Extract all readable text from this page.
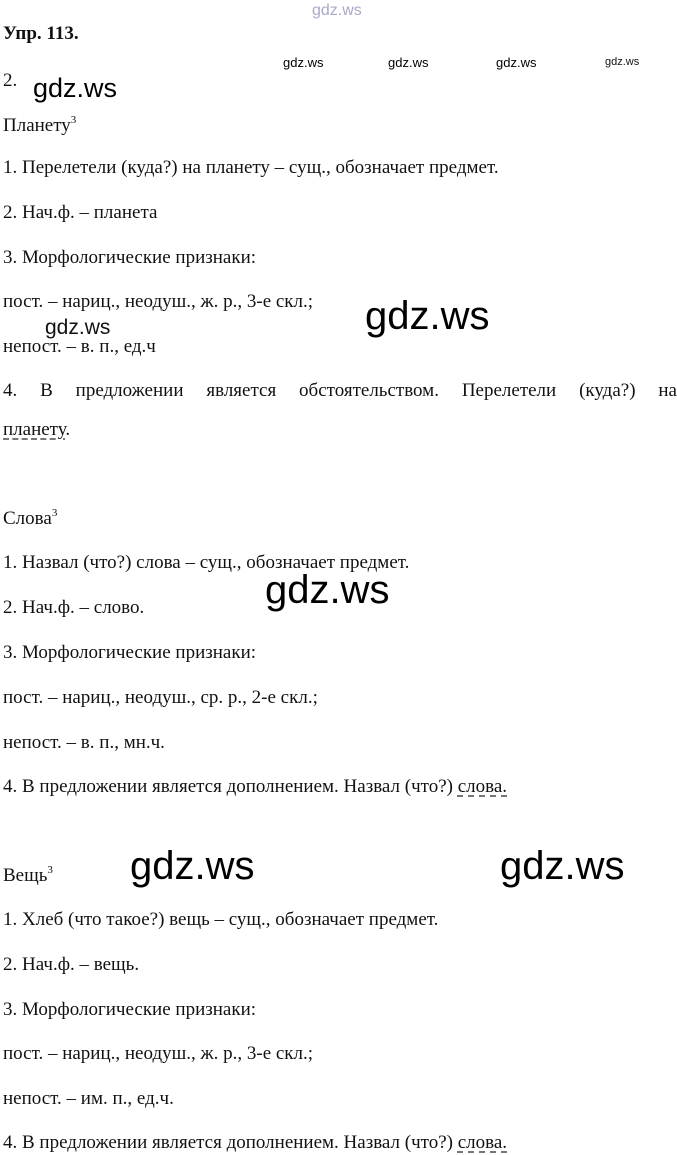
gdz.ws
gdz.ws	gdz.ws	gdz.ws	gdz.ws
gdz.ws
gdz.ws	gdz.ws
gdz.ws
gdz.ws	gdz.ws
Упр. 113.
2.
Планету$^3$
1. Перелетели (куда?) на планету – сущ., обозначает предмет.
2. Нач.ф. – планета
3. Морфологические признаки:
пост. – нариц., неодуш., ж. р., 3-е скл.;
непост. – в. п., ед.ч
4. В предложении является обстоятельством. Перелетели (куда?) на
планету.
Слова$^3$
1. Назвал (что?) слова – сущ., обозначает предмет.
2. Нач.ф. – слово.
3. Морфологические признаки:
пост. – нариц., неодуш., ср. р., 2-е скл.;
непост. – в. п., мн.ч.
4. В предложении является дополнением. Назвал (что?) слова.
Вещь$^3$
1. Хлеб (что такое?) вещь – сущ., обозначает предмет.
2. Нач.ф. – вещь.
3. Морфологические признаки:
пост. – нариц., неодуш., ж. р., 3-е скл.;
непост. – им. п., ед.ч.
4. В предложении является дополнением. Назвал (что?) слова.
